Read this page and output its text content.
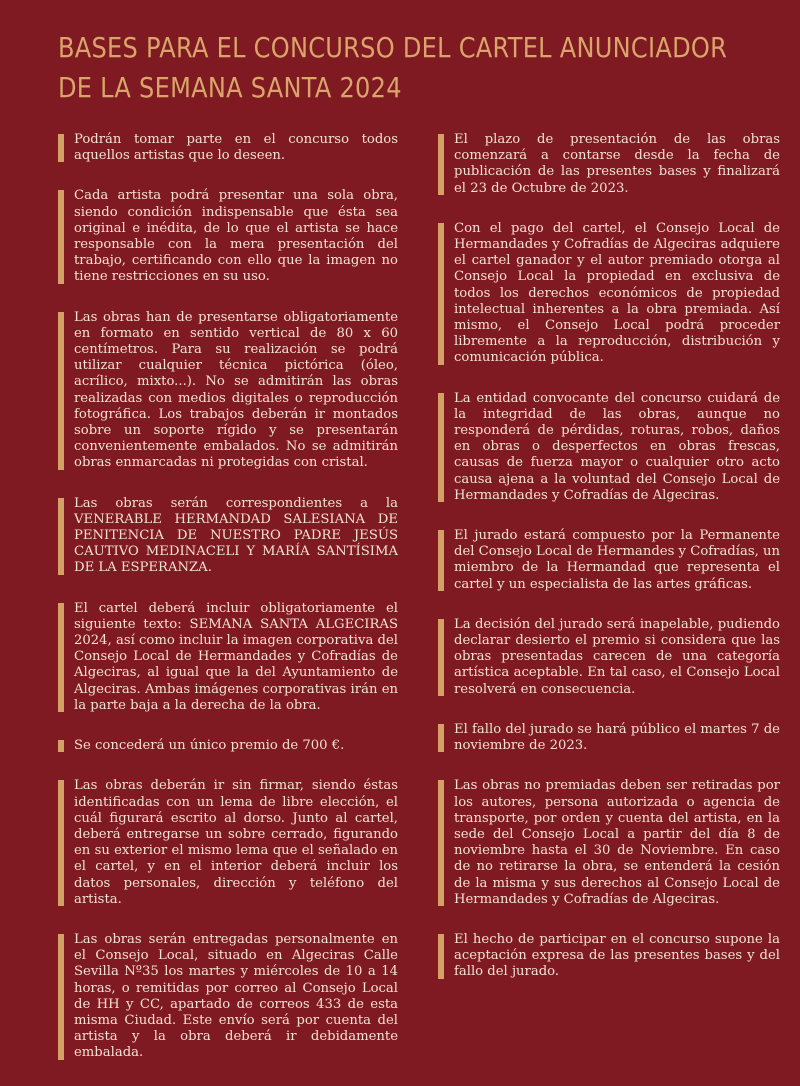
BASES PARA EL CONCURSO DEL CARTEL ANUNCIADOR
DE LA SEMANA SANTA 2024

Podrán tomar parte en el concurso todos aquellos artistas que lo deseen.

Cada artista podrá presentar una sola obra, siendo condición indispensable que ésta sea original e inédita, de lo que el artista se hace responsable con la mera presentación del trabajo, certificando con ello que la imagen no tiene restricciones en su uso.

Las obras han de presentarse obligatoriamente en formato en sentido vertical de 80 x 60 centímetros. Para su realización se podrá utilizar cualquier técnica pictórica (óleo, acrílico, mixto...). No se admitirán las obras realizadas con medios digitales o reproducción fotográfica. Los trabajos deberán ir montados sobre un soporte rígido y se presentarán convenientemente embalados. No se admitirán obras enmarcadas ni protegidas con cristal.

Las obras serán correspondientes a la VENERABLE HERMANDAD SALESIANA DE PENITENCIA DE NUESTRO PADRE JESÚS CAUTIVO MEDINACELI Y MARÍA SANTÍSIMA DE LA ESPERANZA.

El cartel deberá incluir obligatoriamente el siguiente texto: SEMANA SANTA ALGECIRAS 2024, así como incluir la imagen corporativa del Consejo Local de Hermandades y Cofradías de Algeciras, al igual que la del Ayuntamiento de Algeciras. Ambas imágenes corporativas irán en la parte baja a la derecha de la obra.

Se concederá un único premio de 700 €.

Las obras deberán ir sin firmar, siendo éstas identificadas con un lema de libre elección, el cuál figurará escrito al dorso. Junto al cartel, deberá entregarse un sobre cerrado, figurando en su exterior el mismo lema que el señalado en el cartel, y en el interior deberá incluir los datos personales, dirección y teléfono del artista.

Las obras serán entregadas personalmente en el Consejo Local, situado en Algeciras Calle Sevilla Nº35 los martes y miércoles de 10 a 14 horas, o remitidas por correo al Consejo Local de HH y CC, apartado de correos 433 de esta misma Ciudad. Este envío será por cuenta del artista y la obra deberá ir debidamente embalada.

El plazo de presentación de las obras comenzará a contarse desde la fecha de publicación de las presentes bases y finalizará el 23 de Octubre de 2023.

Con el pago del cartel, el Consejo Local de Hermandades y Cofradías de Algeciras adquiere el cartel ganador y el autor premiado otorga al Consejo Local la propiedad en exclusiva de todos los derechos económicos de propiedad intelectual inherentes a la obra premiada. Así mismo, el Consejo Local podrá proceder libremente a la reproducción, distribución y comunicación pública.

La entidad convocante del concurso cuidará de la integridad de las obras, aunque no responderá de pérdidas, roturas, robos, daños en obras o desperfectos en obras frescas, causas de fuerza mayor o cualquier otro acto causa ajena a la voluntad del Consejo Local de Hermandades y Cofradías de Algeciras.

El jurado estará compuesto por la Permanente del Consejo Local de Hermandes y Cofradías, un miembro de la Hermandad que representa el cartel y un especialista de las artes gráficas.

La decisión del jurado será inapelable, pudiendo declarar desierto el premio si considera que las obras presentadas carecen de una categoría artística aceptable. En tal caso, el Consejo Local resolverá en consecuencia.

El fallo del jurado se hará público el martes 7 de noviembre de 2023.

Las obras no premiadas deben ser retiradas por los autores, persona autorizada o agencia de transporte, por orden y cuenta del artista, en la sede del Consejo Local a partir del día 8 de noviembre hasta el 30 de Noviembre. En caso de no retirarse la obra, se entenderá la cesión de la misma y sus derechos al Consejo Local de Hermandades y Cofradías de Algeciras.

El hecho de participar en el concurso supone la aceptación expresa de las presentes bases y del fallo del jurado.
